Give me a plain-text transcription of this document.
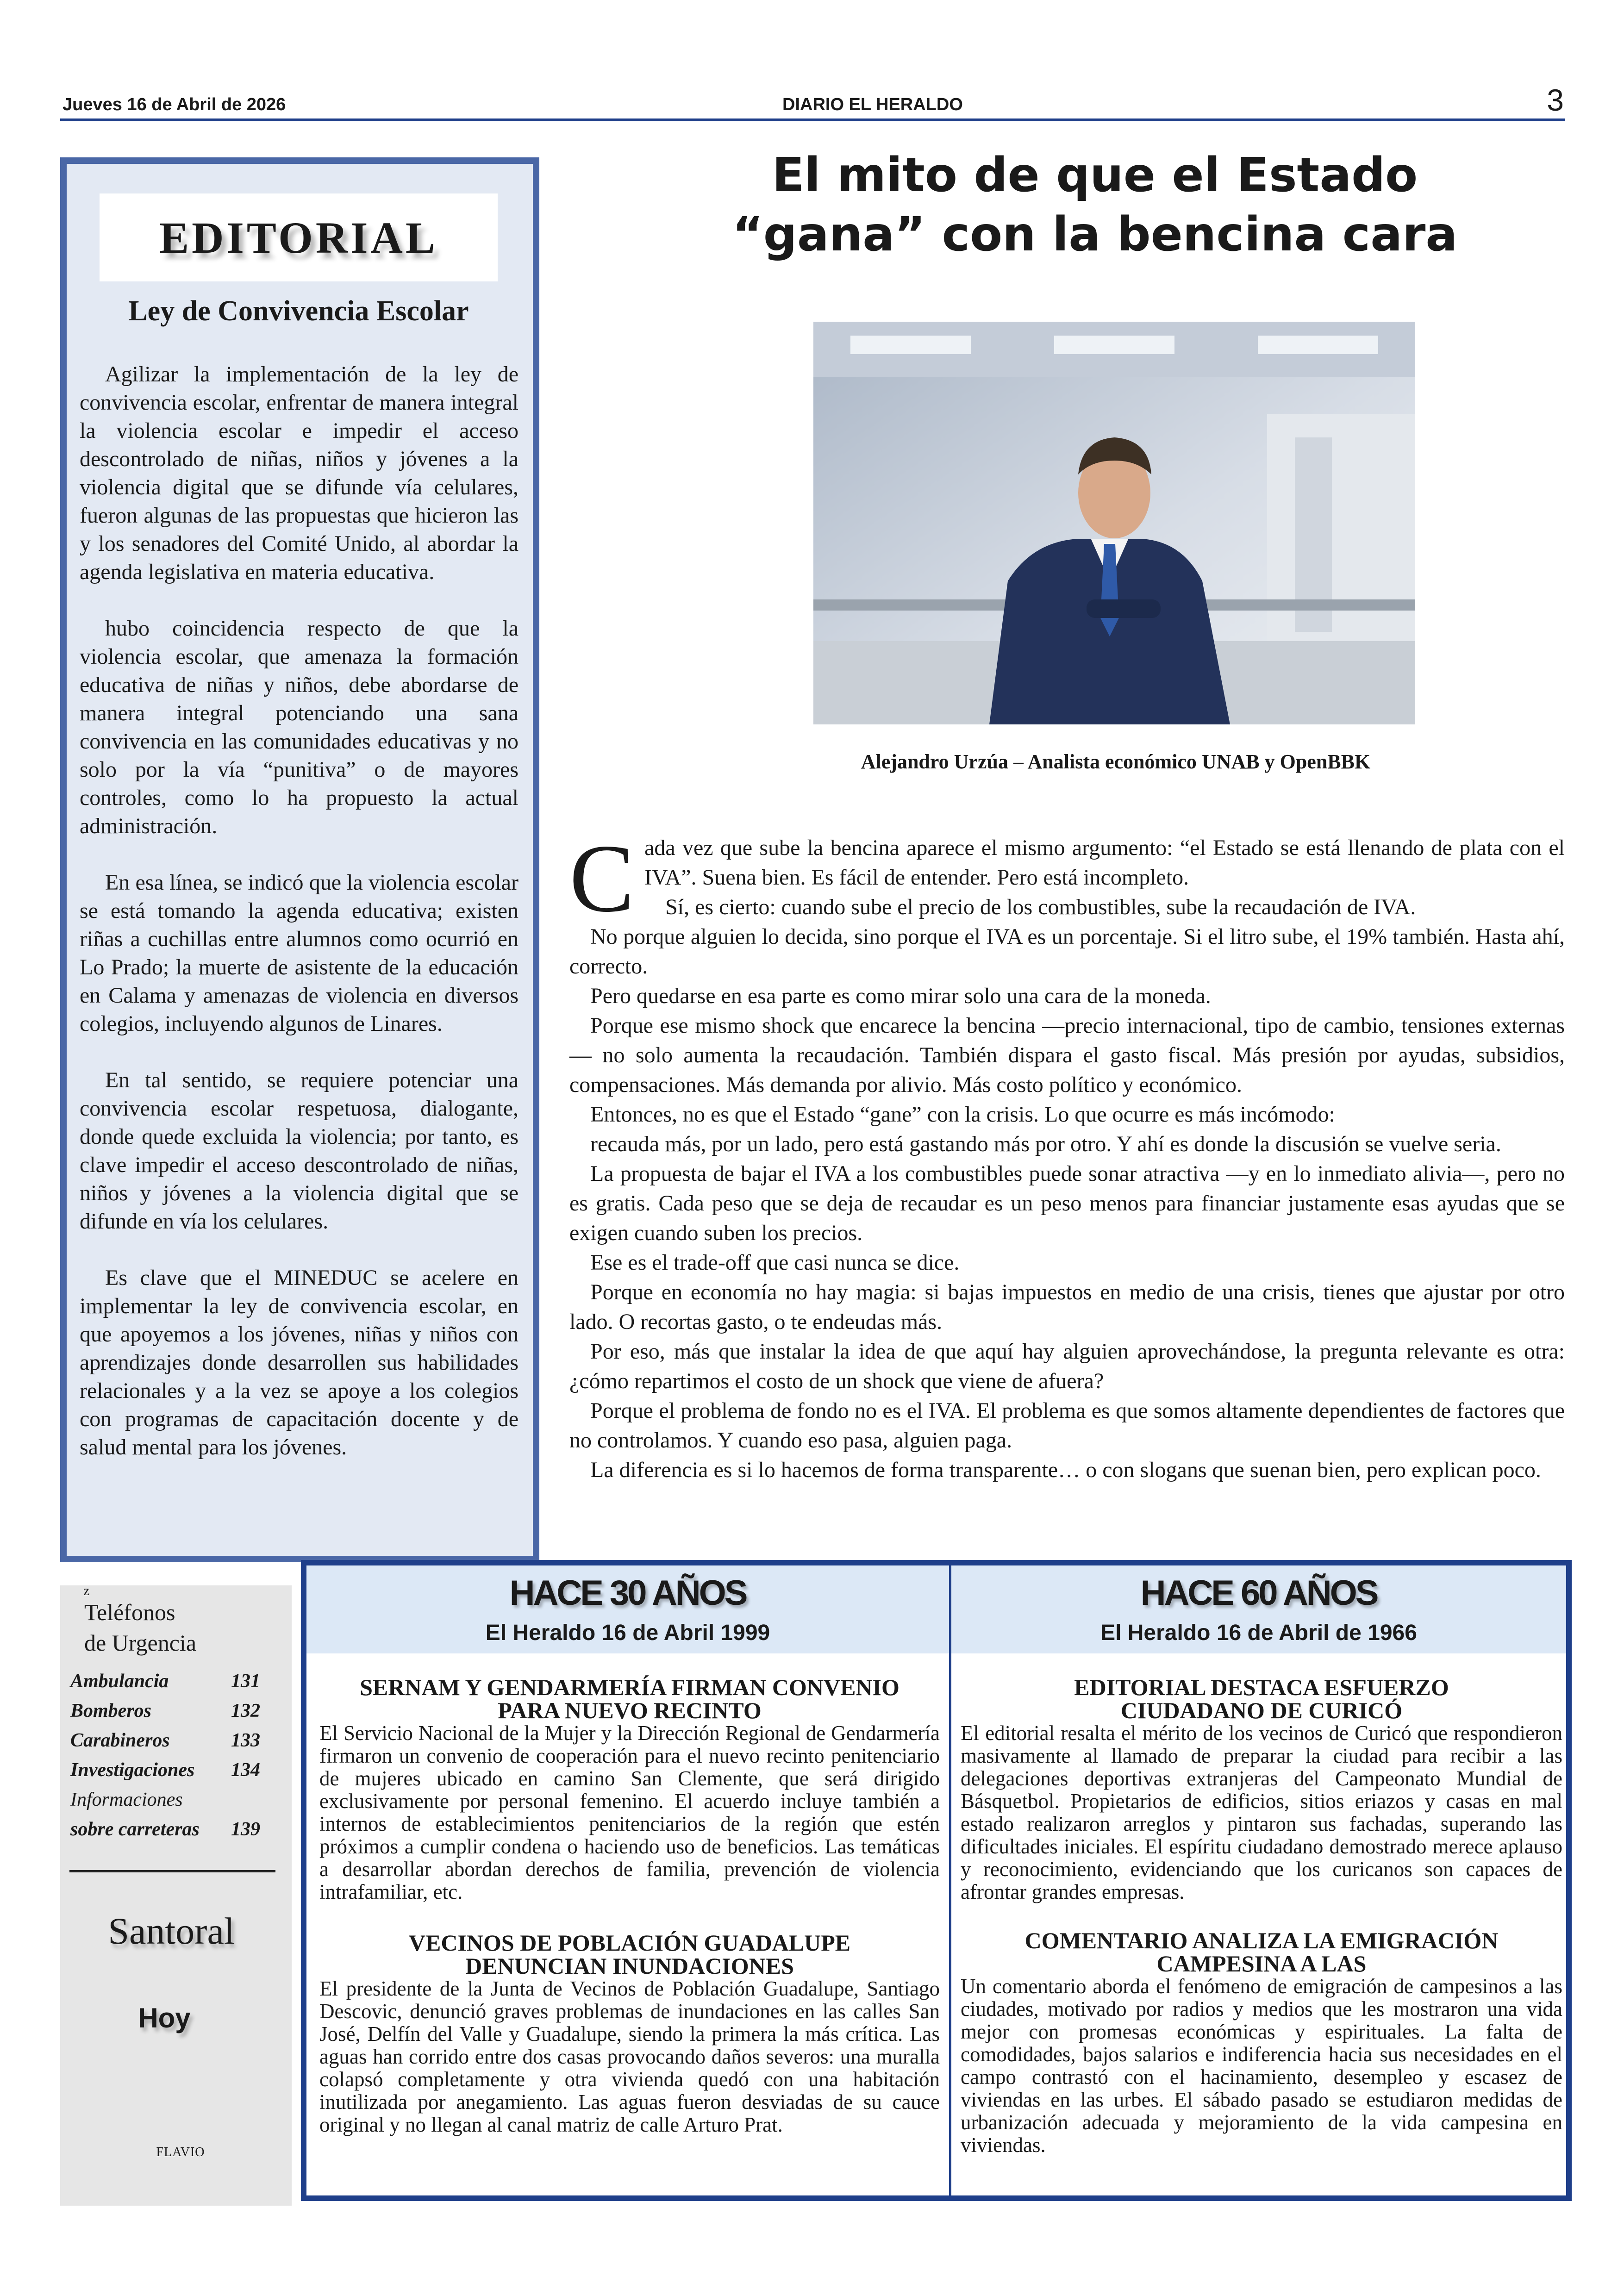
Jueves 16 de Abril de 2026	DIARIO EL HERALDO	3
EDITORIAL
Ley de Convivencia Escolar

Agilizar la implementación de la ley de convivencia escolar, enfrentar de manera integral la violencia escolar e impedir el acceso descontrolado de niñas, niños y jóvenes a la violencia digital que se difunde vía celulares, fueron algunas de las propuestas que hicieron las y los senadores del Comité Unido, al abordar la agenda legislativa en materia educativa.

hubo coincidencia respecto de que la violencia escolar, que amenaza la formación educativa de niñas y niños, debe abordarse de manera integral potenciando una sana convivencia en las comunidades educativas y no solo por la vía “punitiva” o de mayores controles, como lo ha propuesto la actual administración.

En esa línea, se indicó que la violencia escolar se está tomando la agenda educativa; existen riñas a cuchillas entre alumnos como ocurrió en Lo Prado; la muerte de asistente de la educación en Calama y amenazas de violencia en diversos colegios, incluyendo algunos de Linares.

En tal sentido, se requiere potenciar una convivencia escolar respetuosa, dialogante, donde quede excluida la violencia; por tanto, es clave impedir el acceso descontrolado de niñas, niños y jóvenes a la violencia digital que se difunde en vía los celulares.

Es clave que el MINEDUC se acelere en implementar la ley de convivencia escolar, en que apoyemos a los jóvenes, niñas y niños con aprendizajes donde desarrollen sus habilidades relacionales y a la vez se apoye a los colegios con programas de capacitación docente y de salud mental para los jóvenes.

El mito de que el Estado
“gana” con la bencina cara
Alejandro Urzúa – Analista económico UNAB y OpenBBK

Cada vez que sube la bencina aparece el mismo argumento: “el Estado se está llenando de plata con el IVA”. Suena bien. Es fácil de entender. Pero está incompleto.

Sí, es cierto: cuando sube el precio de los combustibles, sube la recaudación de IVA.

No porque alguien lo decida, sino porque el IVA es un porcentaje. Si el litro sube, el 19% también. Hasta ahí, correcto.

Pero quedarse en esa parte es como mirar solo una cara de la moneda.

Porque ese mismo shock que encarece la bencina —precio internacional, tipo de cambio, tensiones externas— no solo aumenta la recaudación. También dispara el gasto fiscal. Más presión por ayudas, subsidios, compensaciones. Más demanda por alivio. Más costo político y económico.

Entonces, no es que el Estado “gane” con la crisis. Lo que ocurre es más incómodo:

recauda más, por un lado, pero está gastando más por otro. Y ahí es donde la discusión se vuelve seria.

La propuesta de bajar el IVA a los combustibles puede sonar atractiva —y en lo inmediato alivia—, pero no es gratis. Cada peso que se deja de recaudar es un peso menos para financiar justamente esas ayudas que se exigen cuando suben los precios.

Ese es el trade-off que casi nunca se dice.

Porque en economía no hay magia: si bajas impuestos en medio de una crisis, tienes que ajustar por otro lado. O recortas gasto, o te endeudas más.

Por eso, más que instalar la idea de que aquí hay alguien aprovechándose, la pregunta relevante es otra: ¿cómo repartimos el costo de un shock que viene de afuera?

Porque el problema de fondo no es el IVA. El problema es que somos altamente dependientes de factores que no controlamos. Y cuando eso pasa, alguien paga.

La diferencia es si lo hacemos de forma transparente… o con slogans que suenan bien, pero explican poco.

z
Teléfonos
de Urgencia
Ambulancia	131
Bomberos	132
Carabineros	133
Investigaciones 134
Informaciones
sobre carreteras 139
Santoral
Hoy
FLAVIO
HACE 30 AÑOS
El Heraldo 16 de Abril 1999
HACE 60 AÑOS
El Heraldo 16 de Abril de 1966
SERNAM Y GENDARMERÍA FIRMAN CONVENIO PARA NUEVO RECINTO
El Servicio Nacional de la Mujer y la Dirección Regional de Gendarmería firmaron un convenio de cooperación para el nuevo recinto penitenciario de mujeres ubicado en camino San Clemente, que será dirigido exclusivamente por personal femenino. El acuerdo incluye también a internos de establecimientos penitenciarios de la región que estén próximos a cumplir condena o haciendo uso de beneficios. Las temáticas a desarrollar abordan derechos de familia, prevención de violencia intrafamiliar, etc.
VECINOS DE POBLACIÓN GUADALUPE DENUNCIAN INUNDACIONES
El presidente de la Junta de Vecinos de Población Guadalupe, Santiago Descovic, denunció graves problemas de inundaciones en las calles San José, Delfín del Valle y Guadalupe, siendo la primera la más crítica. Las aguas han corrido entre dos casas provocando daños severos: una muralla colapsó completamente y otra vivienda quedó con una habitación inutilizada por anegamiento. Las aguas fueron desviadas de su cauce original y no llegan al canal matriz de calle Arturo Prat.
EDITORIAL DESTACA ESFUERZO CIUDADANO DE CURICÓ
El editorial resalta el mérito de los vecinos de Curicó que respondieron masivamente al llamado de preparar la ciudad para recibir a las delegaciones deportivas extranjeras del Campeonato Mundial de Básquetbol. Propietarios de edificios, sitios eriazos y casas en mal estado realizaron arreglos y pintaron sus fachadas, superando las dificultades iniciales. El espíritu ciudadano demostrado merece aplauso y reconocimiento, evidenciando que los curicanos son capaces de afrontar grandes empresas.
COMENTARIO ANALIZA LA EMIGRACIÓN CAMPESINA A LAS
Un comentario aborda el fenómeno de emigración de campesinos a las ciudades, motivado por radios y medios que les mostraron una vida mejor con promesas económicas y espirituales. La falta de comodidades, bajos salarios e indiferencia hacia sus necesidades en el campo contrastó con el hacinamiento, desempleo y escasez de viviendas en las urbes. El sábado pasado se estudiaron medidas de urbanización adecuada y mejoramiento de la vida campesina en viviendas.
